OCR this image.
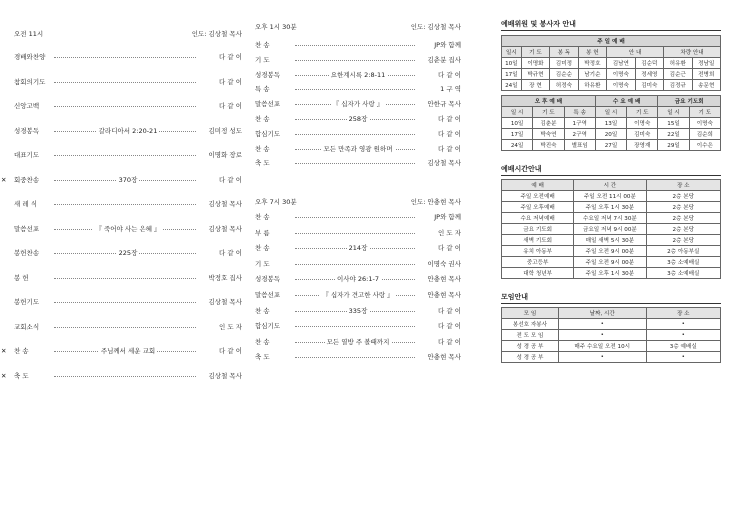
오전 11시	인도: 김상철 목사
경배와찬양	다 같 이
참회의기도	다 같 이
신앙고백	다 같 이
성경봉독	갈라디아서 2:20-21	김미정 성도
대표기도	이명화 장로
✕ 회중찬송	370장	다 같 이
새 레 식	김상철 목사
말씀선포	『 죽어야 사는 은혜 』	김상철 목사
봉헌찬송	225장	다 같 이
봉 헌	박정호 집사
봉헌기도	김상철 목사
교회소식	인 도 자
✕ 찬 송	주님께서 세운 교회	다 같 이
✕ 축 도	김상철 목사
오후 1시 30분	인도: 김상철 목사
찬 송	JP와 함께
기 도	김춘분 집사
성경봉독	요한계시록 2:8-11	다 같 이
특 송	1 구 역
말씀선포	『 십자가 사랑 』	안한규 목사
찬 송	258장	다 같 이
합심기도	다 같 이
찬 송	모든 만족과 영광 원하며	다 같 이
축 도	김상철 목사
오후 7시 30분	인도: 안충현 목사
찬 송	JP와 함께
부 름	인 도 자
찬 송	214장	다 같 이
기 도	이명숙 권사
성경봉독	이사야 26:1-7	안충현 목사
말씀선포	『 십자가 견고한 사랑 』	안충현 목사
찬 송	335장	다 같 이
합심기도	다 같 이
찬 송	모든 열방 주 볼때까지	다 같 이
축 도	안충현 목사
예배위원 및 봉사자 안내
주 일 예 배							
일시	기 도	봉 독	봉 헌	안 내		차량 안내	
10일	이명화	김미정	박정호	김남연	김순덕	허유환	정남일
17일	박규현	김순순	남기순	이명숙	정세영	김순근	전병희
24일	장 현	허정숙	하유환	이명숙	김미숙	김정규	송문현
오 후 예 배			수 요 예 배		금요 기도회	
일 시	기 도	특 송	일 시	기 도	일 시	기 도
10일	김춘분	1구역	13일	이명숙	15일	이명숙
17일	박숙연	2구역	20일	김미숙	22일	김순희
24일	박진숙	별표임	27일	장영재	29일	이수은
예배시간안내
예 배	시 간	장 소
주일 오전예배	주일 오전 11시 00분	2층 본당
주일 오후예배	주일 오후 1시 30분	2층 본당
수요 저녁예배	수요일 저녁 7시 30분	2층 본당
금요 기도회	금요일 저녁 9시 00분	2층 본당
새벽 기도회	매일 새벽 5시 30분	2층 본당
유치 아동부	주일 오전 9시 00분	2층 아동부실
중고등부	주일 오전 9시 00분	3층 소예배실
대학 청년부	주일 오후 1시 30분	3층 소예배실
모임안내
모 임	날짜, 시간	장 소
봉선호 자봉사	•	•
전 도 모 임	•	•
성 경 공 부	매주 수요일 오전 10시	3층 예배실
성 경 공 부	•	•
